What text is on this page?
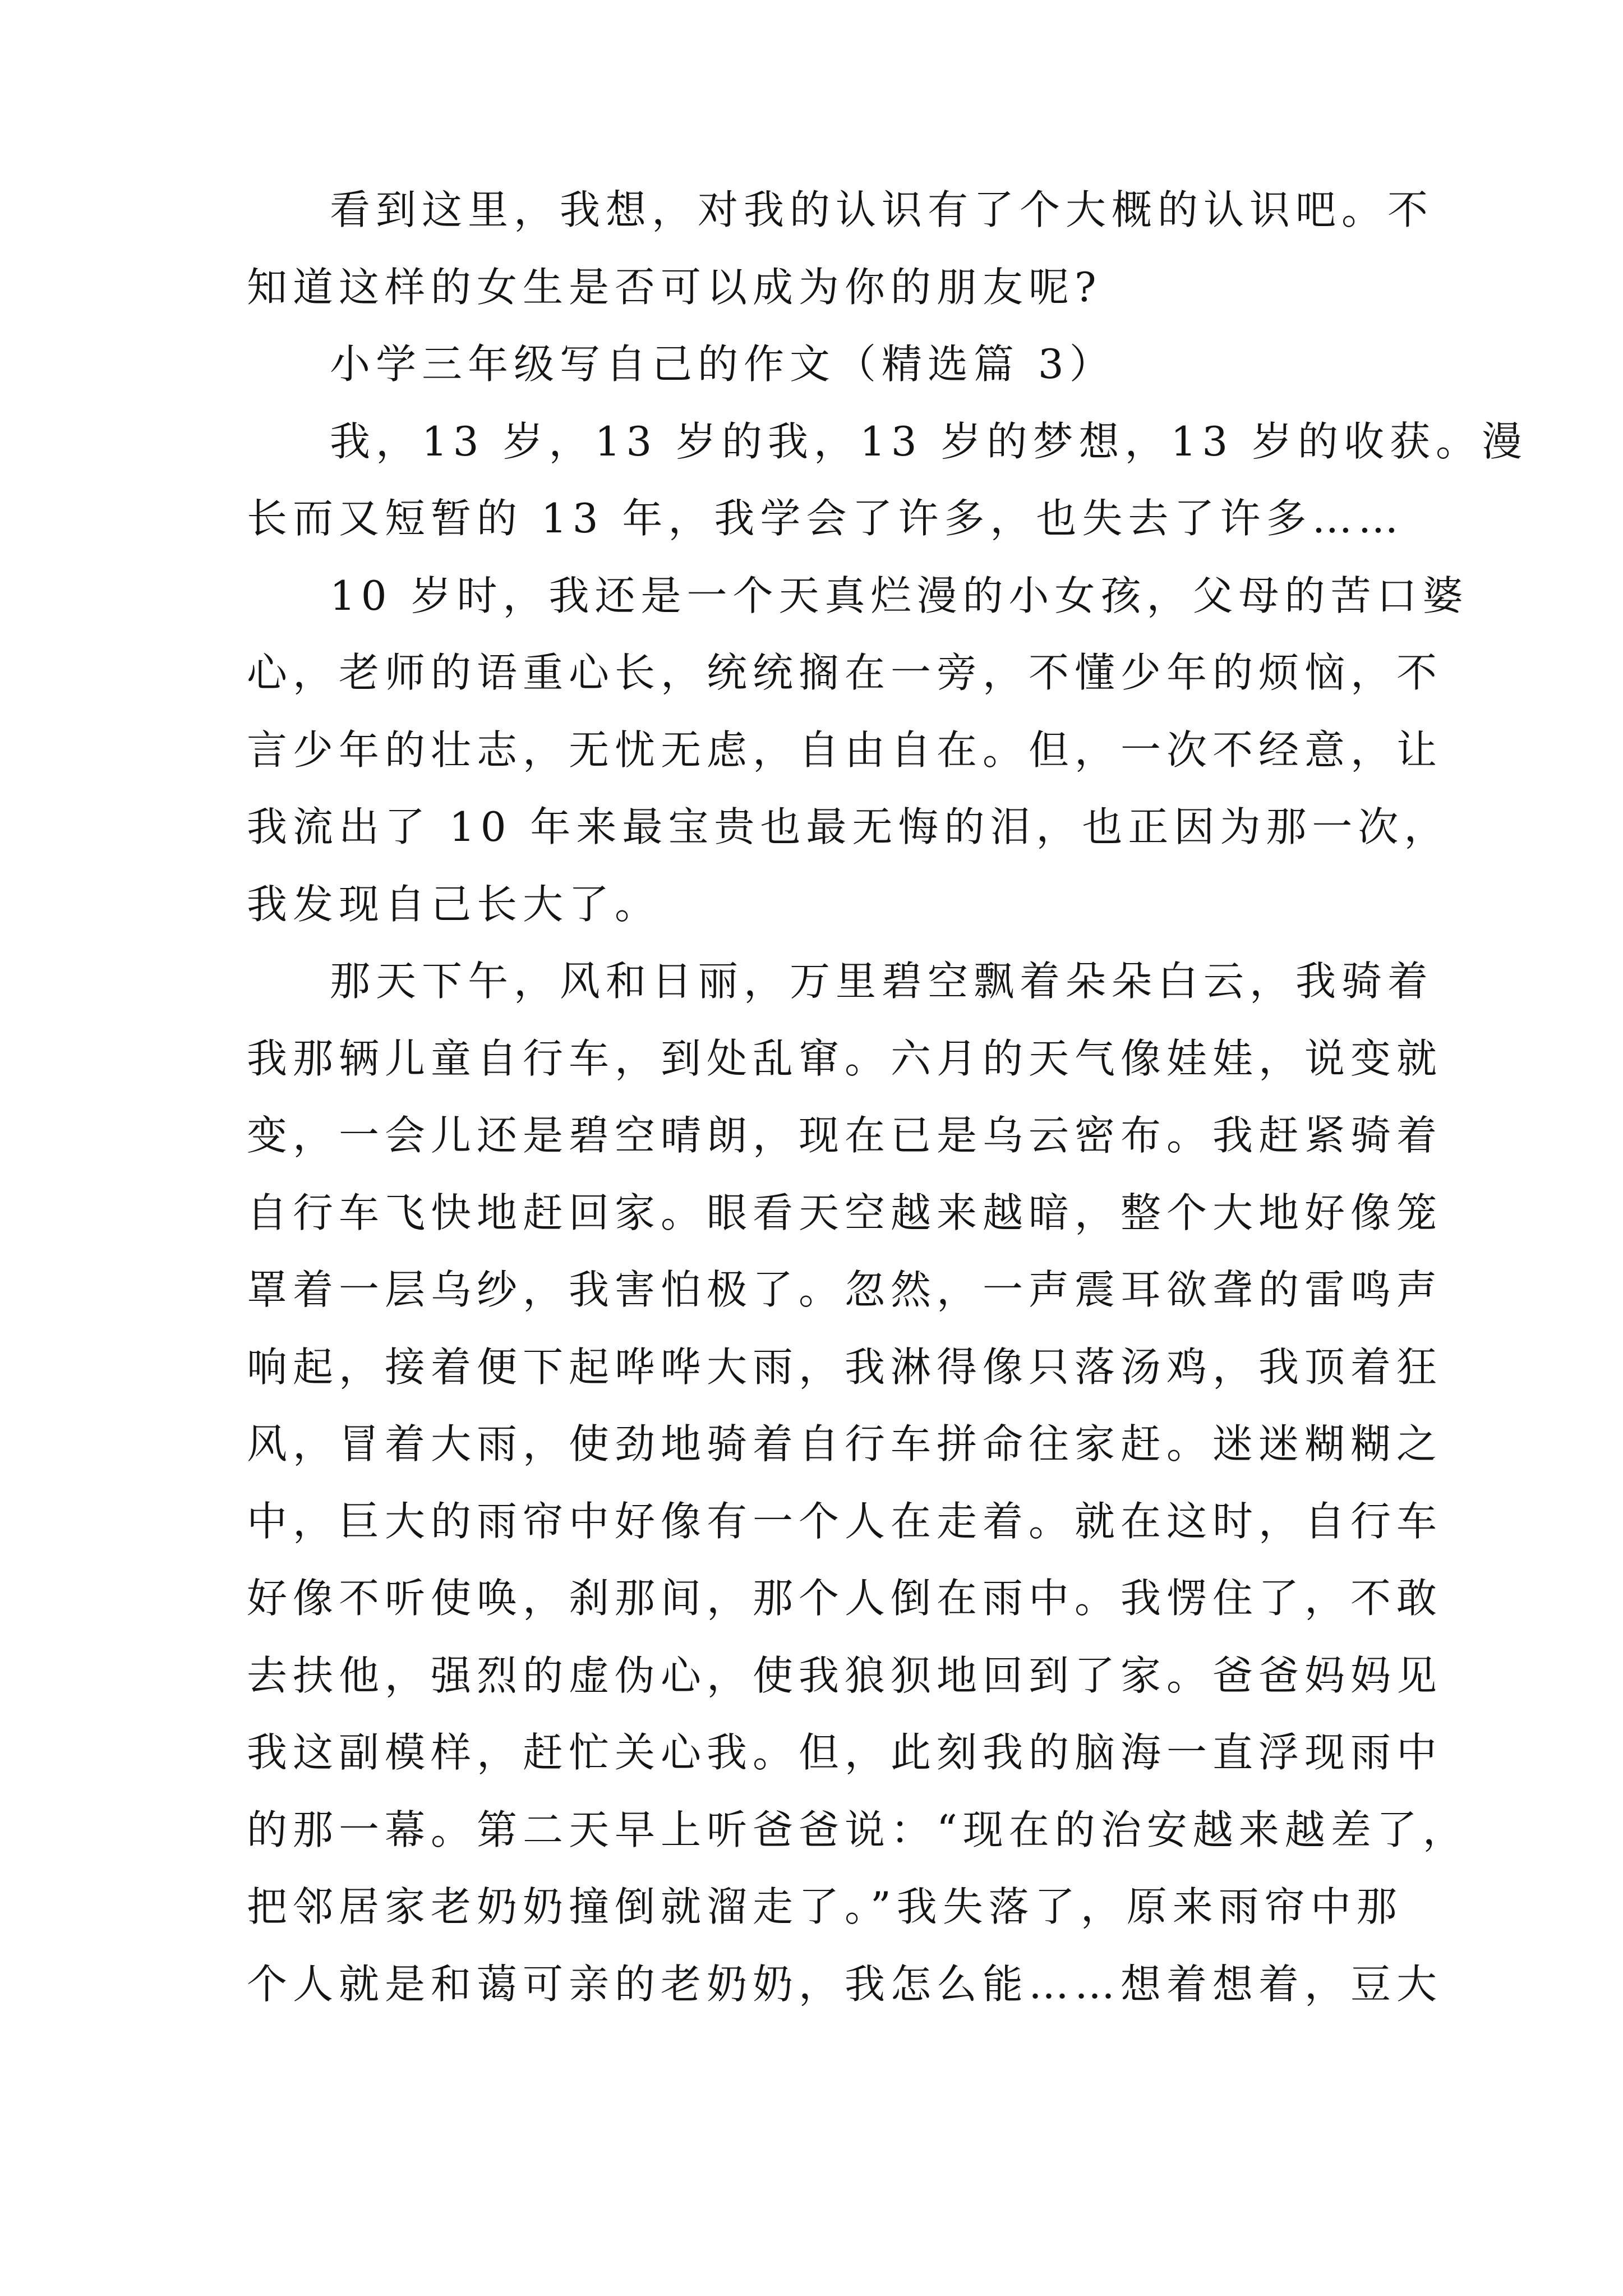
看到这里，我想，对我的认识有了个大概的认识吧。不
知道这样的女生是否可以成为你的朋友呢?
小学三年级写自己的作文（精选篇 3）
我，13 岁，13 岁的我，13 岁的梦想，13 岁的收获。漫
长而又短暂的 13 年，我学会了许多，也失去了许多……
10 岁时，我还是一个天真烂漫的小女孩，父母的苦口婆
心，老师的语重心长，统统搁在一旁，不懂少年的烦恼，不
言少年的壮志，无忧无虑，自由自在。但，一次不经意，让
我流出了 10 年来最宝贵也最无悔的泪，也正因为那一次，
我发现自己长大了。
那天下午，风和日丽，万里碧空飘着朵朵白云，我骑着
我那辆儿童自行车，到处乱窜。六月的天气像娃娃，说变就
变，一会儿还是碧空晴朗，现在已是乌云密布。我赶紧骑着
自行车飞快地赶回家。眼看天空越来越暗，整个大地好像笼
罩着一层乌纱，我害怕极了。忽然，一声震耳欲聋的雷鸣声
响起，接着便下起哗哗大雨，我淋得像只落汤鸡，我顶着狂
风，冒着大雨，使劲地骑着自行车拼命往家赶。迷迷糊糊之
中，巨大的雨帘中好像有一个人在走着。就在这时，自行车
好像不听使唤，刹那间，那个人倒在雨中。我愣住了，不敢
去扶他，强烈的虚伪心，使我狼狈地回到了家。爸爸妈妈见
我这副模样，赶忙关心我。但，此刻我的脑海一直浮现雨中
的那一幕。第二天早上听爸爸说：“现在的治安越来越差了，
把邻居家老奶奶撞倒就溜走了。”我失落了，原来雨帘中那
个人就是和蔼可亲的老奶奶，我怎么能……想着想着，豆大
